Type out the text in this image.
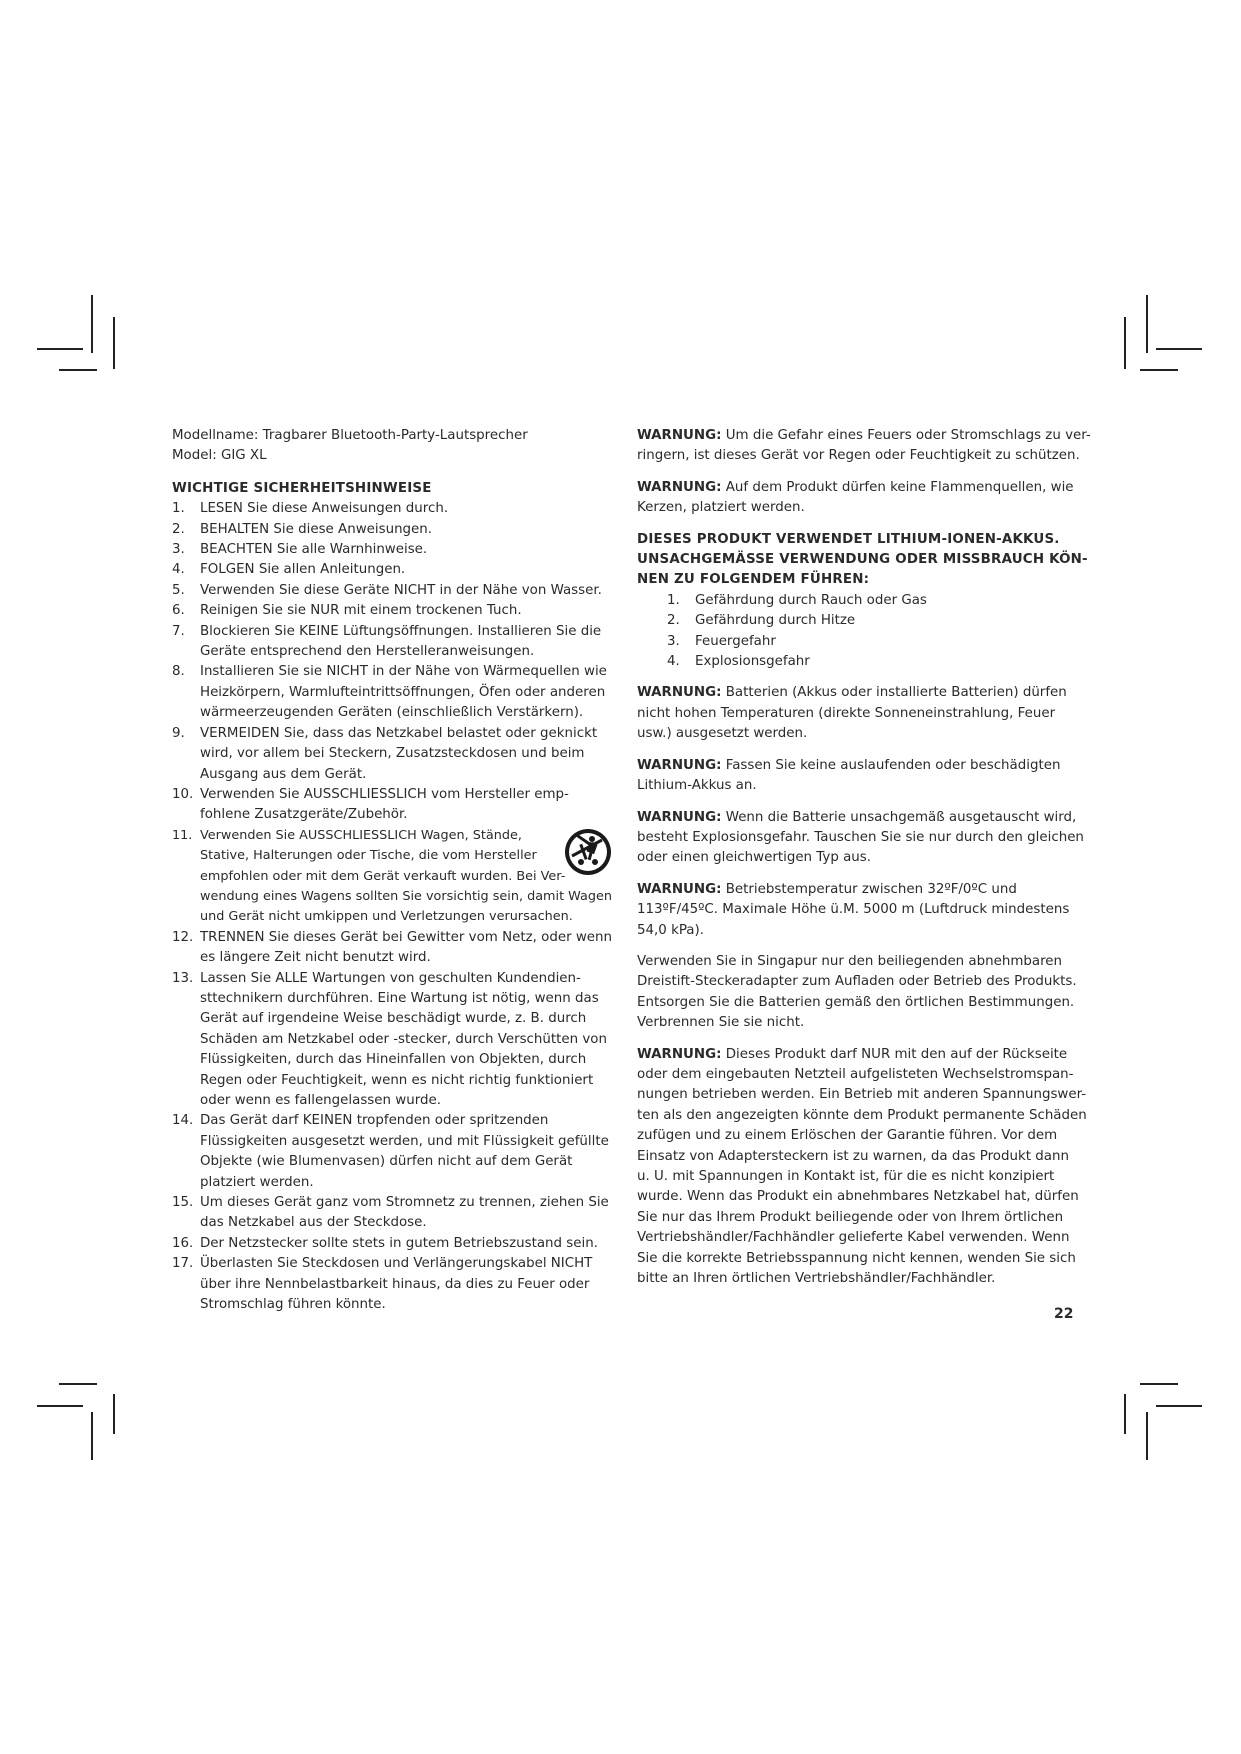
Modellname: Tragbarer Bluetooth-Party-Lautsprecher
Model: GIG XL
WICHTIGE SICHERHEITSHINWEISE
1. LESEN Sie diese Anweisungen durch.
2. BEHALTEN Sie diese Anweisungen.
3. BEACHTEN Sie alle Warnhinweise.
4. FOLGEN Sie allen Anleitungen.
5. Verwenden Sie diese Geräte NICHT in der Nähe von Wasser.
6. Reinigen Sie sie NUR mit einem trockenen Tuch.
7. Blockieren Sie KEINE Lüftungsöffnungen. Installieren Sie die
Geräte entsprechend den Herstelleranweisungen.
8. Installieren Sie sie NICHT in der Nähe von Wärmequellen wie
Heizkörpern, Warmlufteintrittsöffnungen, Öfen oder anderen
wärmeerzeugenden Geräten (einschließlich Verstärkern).
9. VERMEIDEN Sie, dass das Netzkabel belastet oder geknickt
wird, vor allem bei Steckern, Zusatzsteckdosen und beim
Ausgang aus dem Gerät.
10. Verwenden Sie AUSSCHLIESSLICH vom Hersteller emp-
fohlene Zusatzgeräte/Zubehör.
11. Verwenden Sie AUSSCHLIESSLICH Wagen, Stände,
Stative, Halterungen oder Tische, die vom Hersteller
empfohlen oder mit dem Gerät verkauft wurden. Bei Ver-
wendung eines Wagens sollten Sie vorsichtig sein, damit Wagen
und Gerät nicht umkippen und Verletzungen verursachen.
12. TRENNEN Sie dieses Gerät bei Gewitter vom Netz, oder wenn
es längere Zeit nicht benutzt wird.
13. Lassen Sie ALLE Wartungen von geschulten Kundendien-
sttechnikern durchführen. Eine Wartung ist nötig, wenn das
Gerät auf irgendeine Weise beschädigt wurde, z. B. durch
Schäden am Netzkabel oder -stecker, durch Verschütten von
Flüssigkeiten, durch das Hineinfallen von Objekten, durch
Regen oder Feuchtigkeit, wenn es nicht richtig funktioniert
oder wenn es fallengelassen wurde.
14. Das Gerät darf KEINEN tropfenden oder spritzenden
Flüssigkeiten ausgesetzt werden, und mit Flüssigkeit gefüllte
Objekte (wie Blumenvasen) dürfen nicht auf dem Gerät
platziert werden.
15. Um dieses Gerät ganz vom Stromnetz zu trennen, ziehen Sie
das Netzkabel aus der Steckdose.
16. Der Netzstecker sollte stets in gutem Betriebszustand sein.
17. Überlasten Sie Steckdosen und Verlängerungskabel NICHT
über ihre Nennbelastbarkeit hinaus, da dies zu Feuer oder
Stromschlag führen könnte.
WARNUNG: Um die Gefahr eines Feuers oder Stromschlags zu ver-
ringern, ist dieses Gerät vor Regen oder Feuchtigkeit zu schützen.
WARNUNG: Auf dem Produkt dürfen keine Flammenquellen, wie
Kerzen, platziert werden.
DIESES PRODUKT VERWENDET LITHIUM-IONEN-AKKUS.
UNSACHGEMÄSSE VERWENDUNG ODER MISSBRAUCH KÖN-
NEN ZU FOLGENDEM FÜHREN:
1. Gefährdung durch Rauch oder Gas
2. Gefährdung durch Hitze
3. Feuergefahr
4. Explosionsgefahr
WARNUNG: Batterien (Akkus oder installierte Batterien) dürfen
nicht hohen Temperaturen (direkte Sonneneinstrahlung, Feuer
usw.) ausgesetzt werden.
WARNUNG: Fassen Sie keine auslaufenden oder beschädigten
Lithium-Akkus an.
WARNUNG: Wenn die Batterie unsachgemäß ausgetauscht wird,
besteht Explosionsgefahr. Tauschen Sie sie nur durch den gleichen
oder einen gleichwertigen Typ aus.
WARNUNG: Betriebstemperatur zwischen 32ºF/0ºC und
113ºF/45ºC. Maximale Höhe ü.M. 5000 m (Luftdruck mindestens
54,0 kPa).
Verwenden Sie in Singapur nur den beiliegenden abnehmbaren
Dreistift-Steckeradapter zum Aufladen oder Betrieb des Produkts.
Entsorgen Sie die Batterien gemäß den örtlichen Bestimmungen.
Verbrennen Sie sie nicht.
WARNUNG: Dieses Produkt darf NUR mit den auf der Rückseite
oder dem eingebauten Netzteil aufgelisteten Wechselstromspan-
nungen betrieben werden. Ein Betrieb mit anderen Spannungswer-
ten als den angezeigten könnte dem Produkt permanente Schäden
zufügen und zu einem Erlöschen der Garantie führen. Vor dem
Einsatz von Adaptersteckern ist zu warnen, da das Produkt dann
u. U. mit Spannungen in Kontakt ist, für die es nicht konzipiert
wurde. Wenn das Produkt ein abnehmbares Netzkabel hat, dürfen
Sie nur das Ihrem Produkt beiliegende oder von Ihrem örtlichen
Vertriebshändler/Fachhändler gelieferte Kabel verwenden. Wenn
Sie die korrekte Betriebsspannung nicht kennen, wenden Sie sich
bitte an Ihren örtlichen Vertriebshändler/Fachhändler.
22
